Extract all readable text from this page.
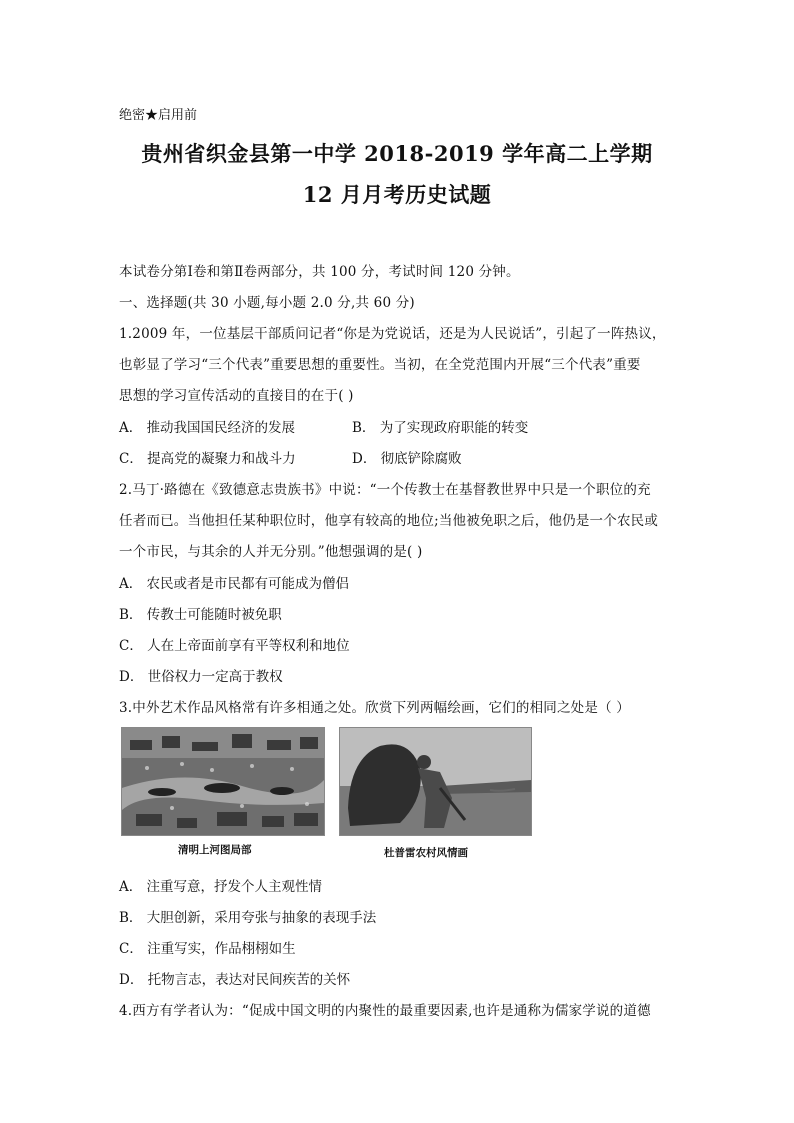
绝密★启用前
贵州省织金县第一中学 2018-2019 学年高二上学期
12 月月考历史试题
本试卷分第Ⅰ卷和第Ⅱ卷两部分，共 100 分，考试时间 120 分钟。
一、选择题(共 30 小题,每小题 2.0 分,共 60 分)
1.2009 年，一位基层干部质问记者“你是为党说话，还是为人民说话”，引起了一阵热议，
也彰显了学习“三个代表”重要思想的重要性。当初，在全党范围内开展“三个代表”重要
思想的学习宣传活动的直接目的在于( )
A． 推动我国国民经济的发展	B． 为了实现政府职能的转变
C． 提高党的凝聚力和战斗力	D． 彻底铲除腐败
2.马丁·路德在《致德意志贵族书》中说：“一个传教士在基督教世界中只是一个职位的充
任者而已。当他担任某种职位时，他享有较高的地位;当他被免职之后，他仍是一个农民或
一个市民，与其余的人并无分别。”他想强调的是( )
A． 农民或者是市民都有可能成为僧侣
B． 传教士可能随时被免职
C． 人在上帝面前享有平等权利和地位
D． 世俗权力一定高于教权
3.中外艺术作品风格常有许多相通之处。欣赏下列两幅绘画，它们的相同之处是（ ）
清明上河图局部	杜普雷农村风情画
A． 注重写意，抒发个人主观性情
B． 大胆创新，采用夸张与抽象的表现手法
C． 注重写实，作品栩栩如生
D． 托物言志，表达对民间疾苦的关怀
4.西方有学者认为：“促成中国文明的内聚性的最重要因素,也许是通称为儒家学说的道德
